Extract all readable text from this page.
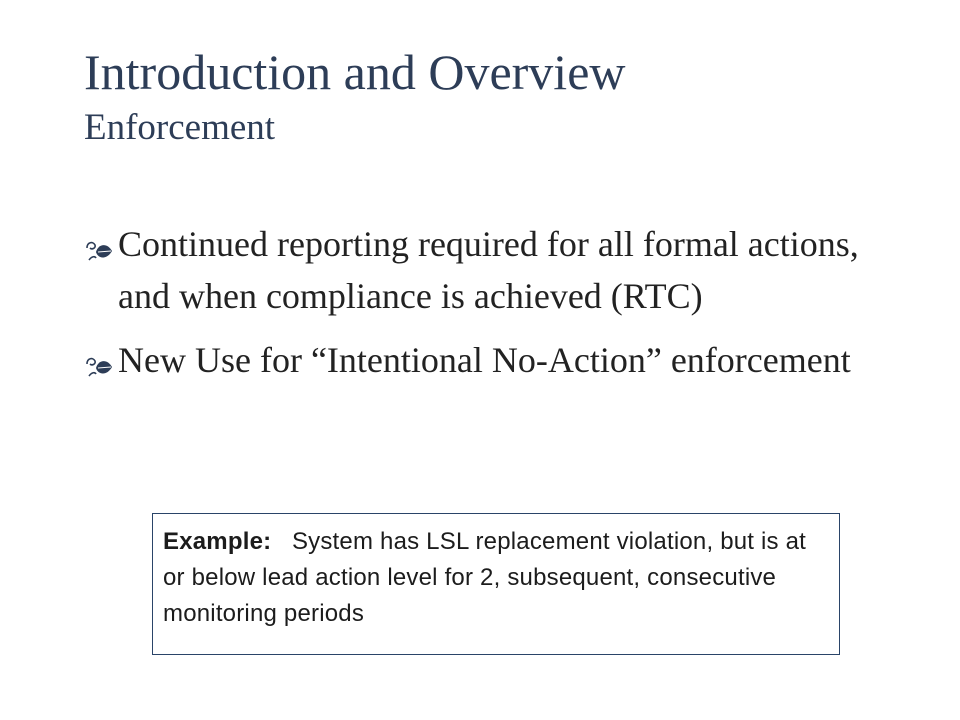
Introduction and Overview
Enforcement
Continued reporting required for all formal actions, and when compliance is achieved (RTC)
New Use for “Intentional No-Action” enforcement
Example: System has LSL replacement violation, but is at or below lead action level for 2, subsequent, consecutive monitoring periods
